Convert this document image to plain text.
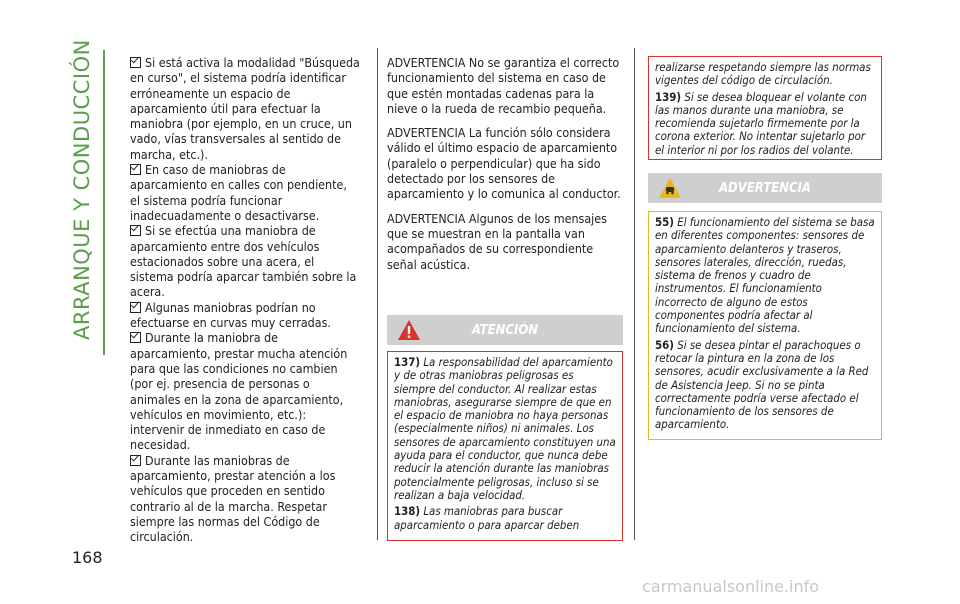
ARRANQUE Y CONDUCCIÓN
168
Si está activa la modalidad "Búsqueda en curso", el sistema podría identificar erróneamente un espacio de aparcamiento útil para efectuar la maniobra (por ejemplo, en un cruce, un vado, vías transversales al sentido de marcha, etc.).
En caso de maniobras de aparcamiento en calles con pendiente, el sistema podría funcionar inadecuadamente o desactivarse.
Si se efectúa una maniobra de aparcamiento entre dos vehículos estacionados sobre una acera, el sistema podría aparcar también sobre la acera.
Algunas maniobras podrían no efectuarse en curvas muy cerradas.
Durante la maniobra de aparcamiento, prestar mucha atención para que las condiciones no cambien (por ej. presencia de personas o animales en la zona de aparcamiento, vehículos en movimiento, etc.): intervenir de inmediato en caso de necesidad.
Durante las maniobras de aparcamiento, prestar atención a los vehículos que proceden en sentido contrario al de la marcha. Respetar siempre las normas del Código de circulación.

ADVERTENCIA No se garantiza el correcto funcionamiento del sistema en caso de que estén montadas cadenas para la nieve o la rueda de recambio pequeña.

ADVERTENCIA La función sólo considera válido el último espacio de aparcamiento (paralelo o perpendicular) que ha sido detectado por los sensores de aparcamiento y lo comunica al conductor.

ADVERTENCIA Algunos de los mensajes que se muestran en la pantalla van acompañados de su correspondiente señal acústica.

ATENCIÓN
137) La responsabilidad del aparcamiento y de otras maniobras peligrosas es siempre del conductor. Al realizar estas maniobras, asegurarse siempre de que en el espacio de maniobra no haya personas (especialmente niños) ni animales. Los sensores de aparcamiento constituyen una ayuda para el conductor, que nunca debe reducir la atención durante las maniobras potencialmente peligrosas, incluso si se realizan a baja velocidad.
138) Las maniobras para buscar aparcamiento o para aparcar deben
realizarse respetando siempre las normas vigentes del código de circulación.
139) Si se desea bloquear el volante con las manos durante una maniobra, se recomienda sujetarlo firmemente por la corona exterior. No intentar sujetarlo por el interior ni por los radios del volante.
ADVERTENCIA
55) El funcionamiento del sistema se basa en diferentes componentes: sensores de aparcamiento delanteros y traseros, sensores laterales, dirección, ruedas, sistema de frenos y cuadro de instrumentos. El funcionamiento incorrecto de alguno de estos componentes podría afectar al funcionamiento del sistema.
56) Si se desea pintar el parachoques o retocar la pintura en la zona de los sensores, acudir exclusivamente a la Red de Asistencia Jeep. Si no se pinta correctamente podría verse afectado el funcionamiento de los sensores de aparcamiento.
carmanualsonline.info
